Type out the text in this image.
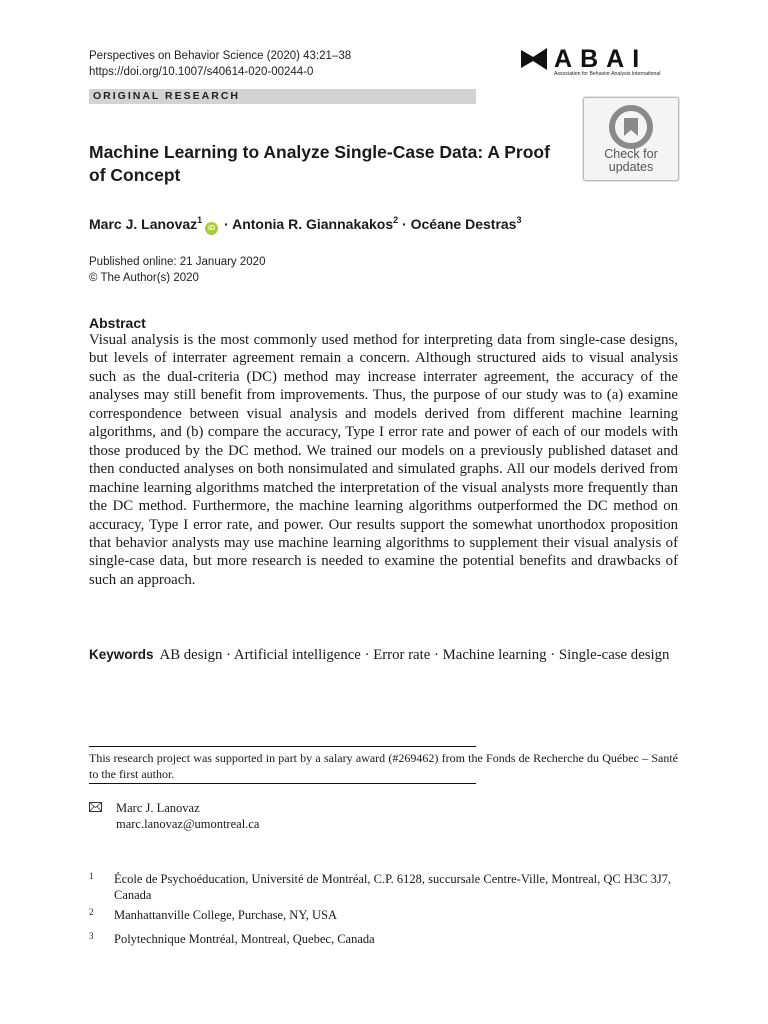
Perspectives on Behavior Science (2020) 43:21–38
https://doi.org/10.1007/s40614-020-00244-0	A B A I
Association for Behavior Analysis International
ORIGINAL RESEARCH
Check for
updates
Machine Learning to Analyze Single-Case Data: A Proof of Concept
Marc J. Lanovaz$^1$iD · Antonia R. Giannakakos$^2$ · Océane Destras$^3$
Published online: 21 January 2020
© The Author(s) 2020
Abstract
Visual analysis is the most commonly used method for interpreting data from single-case designs, but levels of interrater agreement remain a concern. Although structured aids to visual analysis such as the dual-criteria (DC) method may increase interrater agreement, the accuracy of the analyses may still benefit from improvements. Thus, the purpose of our study was to (a) examine correspondence between visual analysis and models derived from different machine learning algorithms, and (b) compare the accuracy, Type I error rate and power of each of our models with those produced by the DC method. We trained our models on a previously published dataset and then conducted analyses on both nonsimulated and simulated graphs. All our models derived from machine learning algorithms matched the interpretation of the visual analysts more frequently than the DC method. Furthermore, the machine learning algorithms outperformed the DC method on accuracy, Type I error rate, and power. Our results support the somewhat unorthodox proposition that behavior analysts may use machine learning algorithms to supplement their visual analysis of single-case data, but more research is needed to examine the potential benefits and drawbacks of such an approach.
Keywords AB design · Artificial intelligence · Error rate · Machine learning · Single-case design
This research project was supported in part by a salary award (#269462) from the Fonds de Recherche du Québec – Santé to the first author.
Marc J. Lanovaz
marc.lanovaz@umontreal.ca
1 École de Psychoéducation, Université de Montréal, C.P. 6128, succursale Centre-Ville, Montreal, QC H3C 3J7, Canada
2 Manhattanville College, Purchase, NY, USA
3 Polytechnique Montréal, Montreal, Quebec, Canada
